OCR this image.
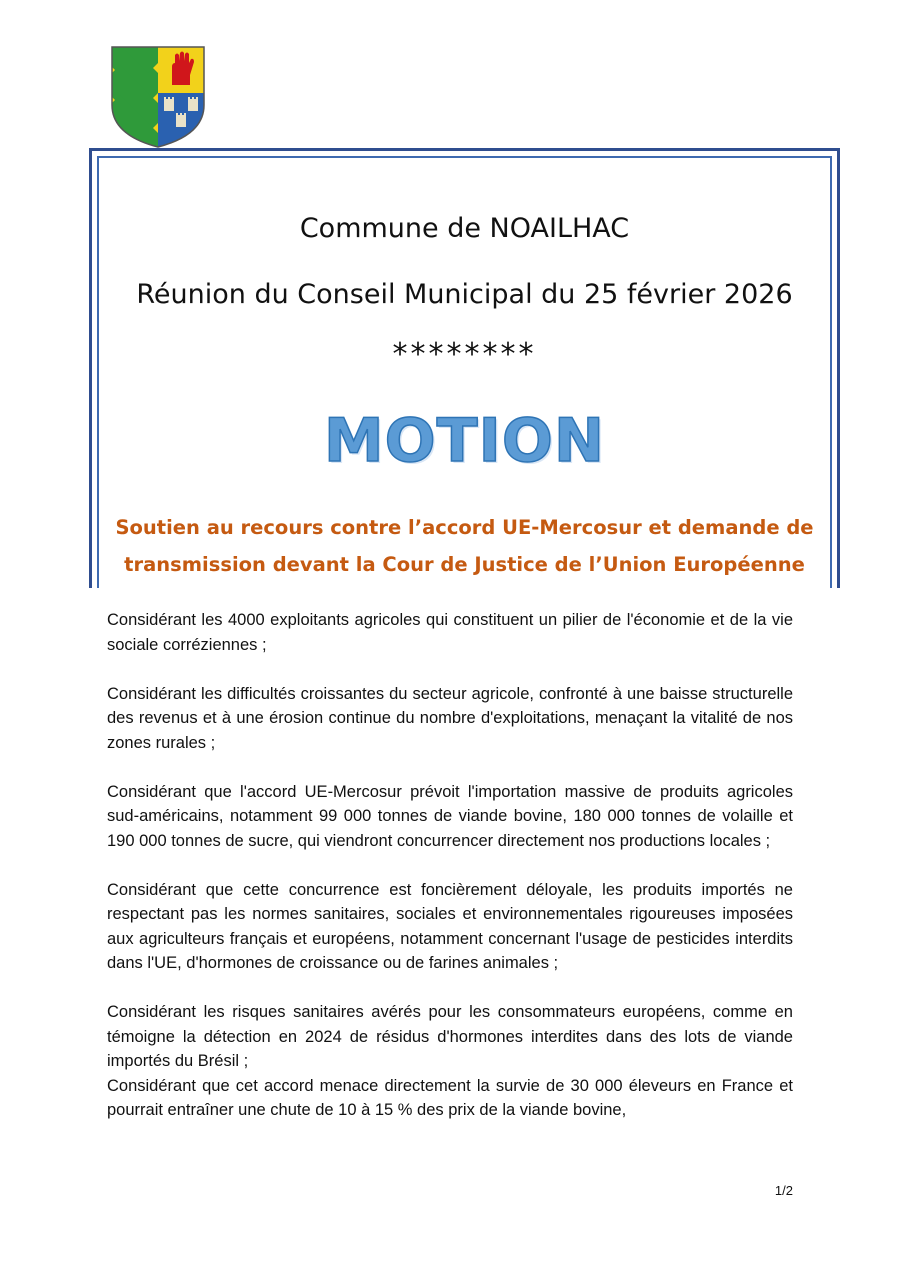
Commune de NOAILHAC
Réunion du Conseil Municipal du 25 février 2026
********
MOTION
Soutien au recours contre l’accord UE-Mercosur et demande de transmission devant la Cour de Justice de l’Union Européenne

Considérant les 4000 exploitants agricoles qui constituent un pilier de l'économie et de la vie sociale corréziennes ;

Considérant les difficultés croissantes du secteur agricole, confronté à une baisse structurelle des revenus et à une érosion continue du nombre d'exploitations, menaçant la vitalité de nos zones rurales ;

Considérant que l'accord UE-Mercosur prévoit l'importation massive de produits agricoles sud-américains, notamment 99 000 tonnes de viande bovine, 180 000 tonnes de volaille et 190 000 tonnes de sucre, qui viendront concurrencer directement nos productions locales ;

Considérant que cette concurrence est foncièrement déloyale, les produits importés ne respectant pas les normes sanitaires, sociales et environnementales rigoureuses imposées aux agriculteurs français et européens, notamment concernant l'usage de pesticides interdits dans l'UE, d'hormones de croissance ou de farines animales ;

Considérant les risques sanitaires avérés pour les consommateurs européens, comme en témoigne la détection en 2024 de résidus d'hormones interdites dans des lots de viande importés du Brésil ;

Considérant que cet accord menace directement la survie de 30 000 éleveurs en France et pourrait entraîner une chute de 10 à 15 % des prix de la viande bovine,

1/2
